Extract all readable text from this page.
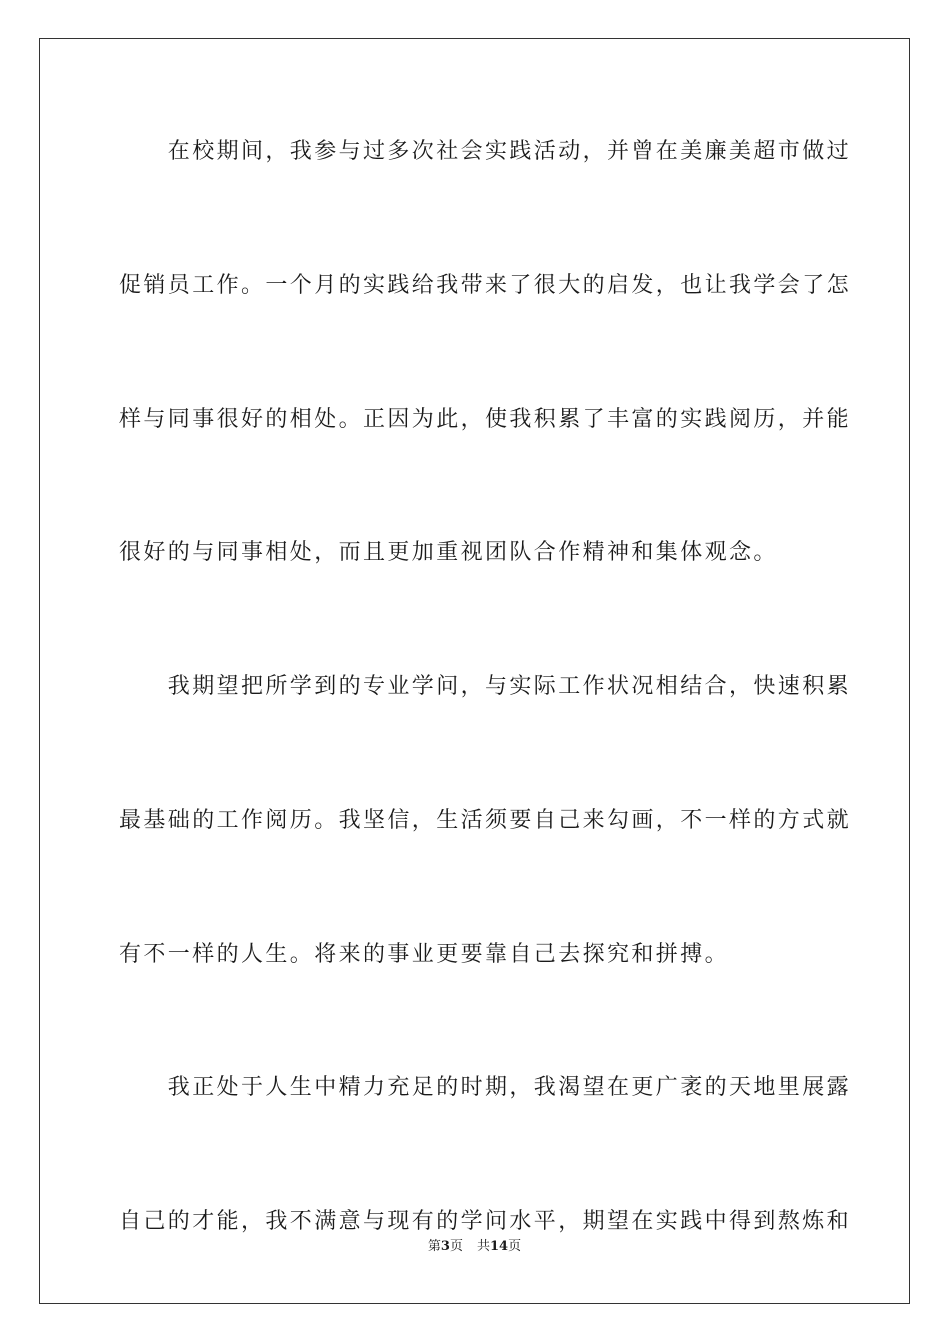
　　在校期间，我参与过多次社会实践活动，并曾在美廉美超市做过
促销员工作。一个月的实践给我带来了很大的启发，也让我学会了怎
样与同事很好的相处。正因为此，使我积累了丰富的实践阅历，并能
很好的与同事相处，而且更加重视团队合作精神和集体观念。
　　我期望把所学到的专业学问，与实际工作状况相结合，快速积累
最基础的工作阅历。我坚信，生活须要自己来勾画，不一样的方式就
有不一样的人生。将来的事业更要靠自己去探究和拼搏。
　　我正处于人生中精力充足的时期，我渴望在更广袤的天地里展露
自己的才能，我不满意与现有的学问水平，期望在实践中得到熬炼和
第3页 共14页
